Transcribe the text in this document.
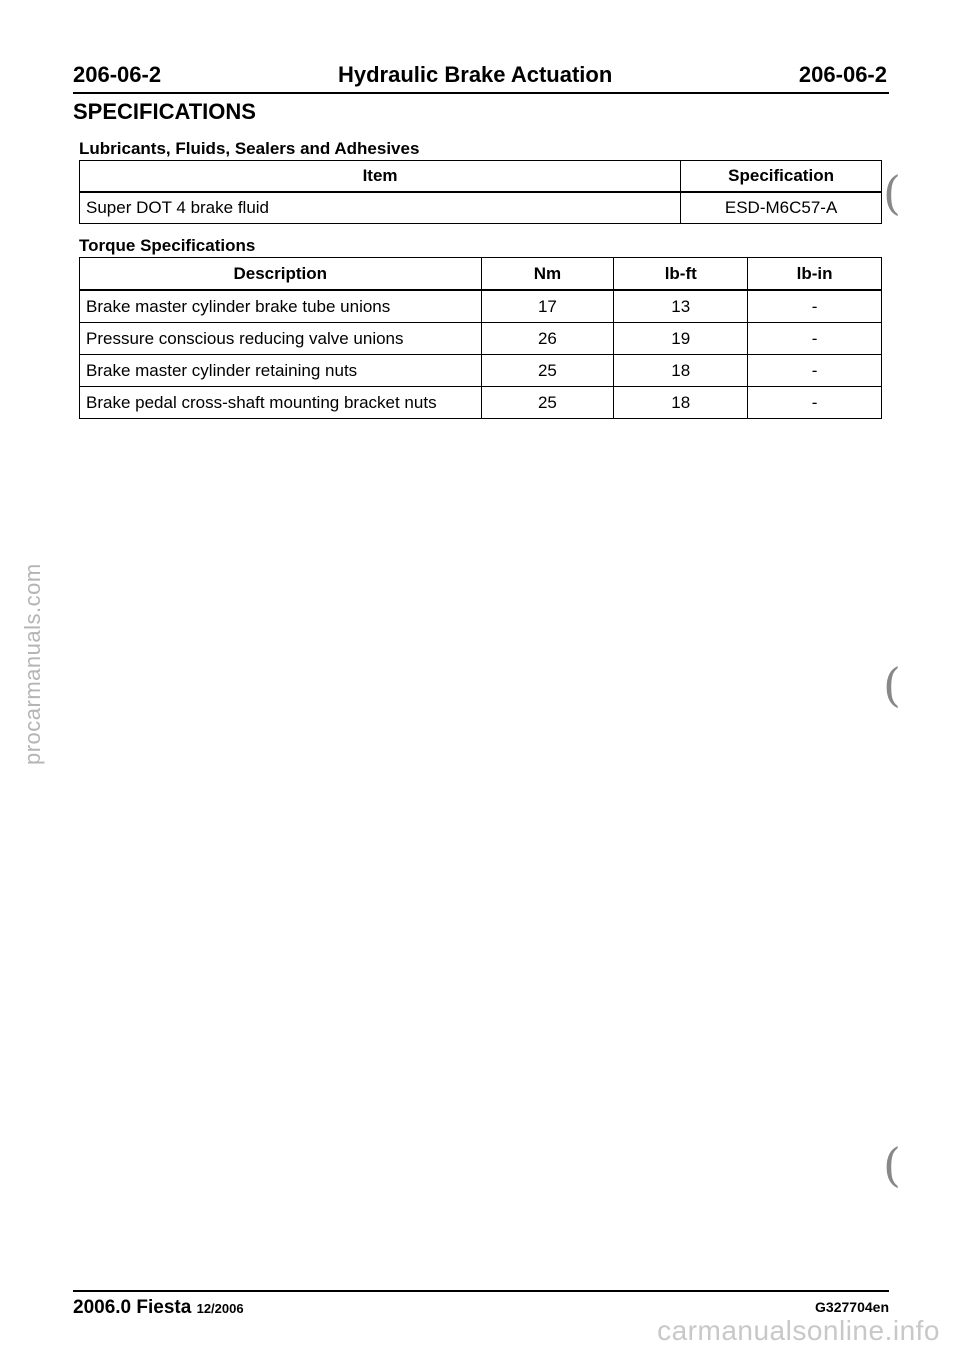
206-06-2	Hydraulic Brake Actuation	206-06-2
SPECIFICATIONS
Lubricants, Fluids, Sealers and Adhesives
Item	Specification
Super DOT 4 brake fluid	ESD-M6C57-A
Torque Specifications
Description	Nm	lb-ft	lb-in
Brake master cylinder brake tube unions	17	13	-
Pressure conscious reducing valve unions	26	19	-
Brake master cylinder retaining nuts	25	18	-
Brake pedal cross-shaft mounting bracket nuts	25	18	-
(
(
(
procarmanuals.com
2006.0 Fiesta 12/2006	G327704en
carmanualsonline.info
